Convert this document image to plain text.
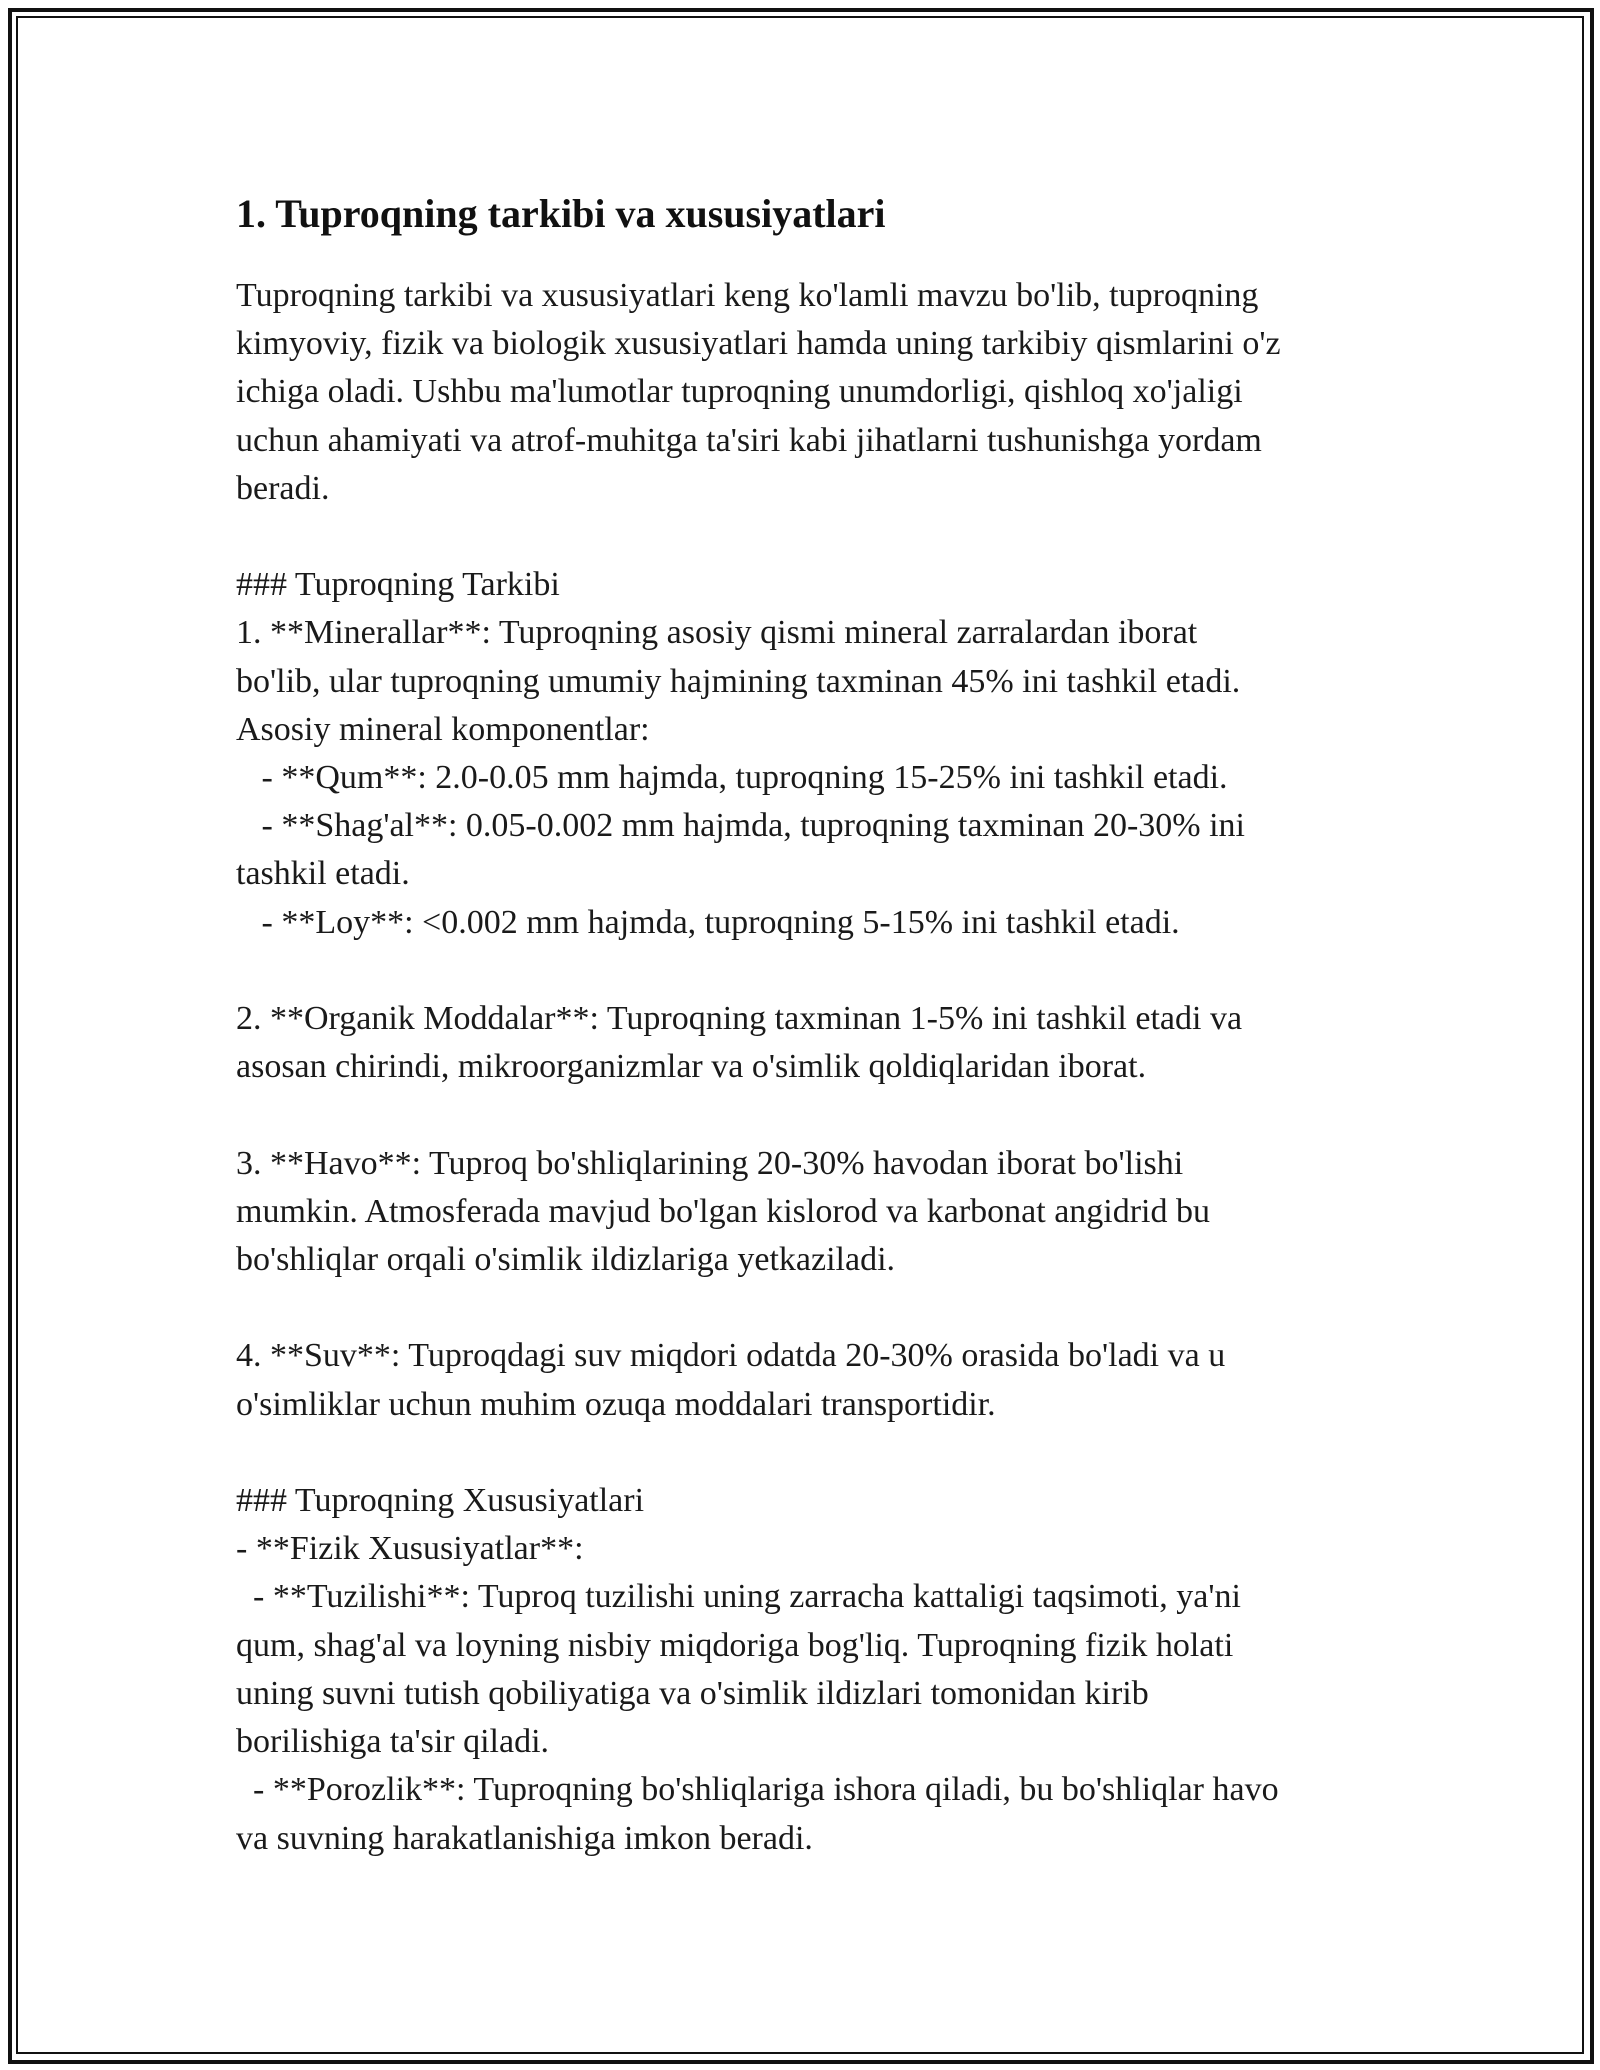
1. Tuproqning tarkibi va xususiyatlari

Tuproqning tarkibi va xususiyatlari keng ko'lamli mavzu bo'lib, tuproqning
kimyoviy, fizik va biologik xususiyatlari hamda uning tarkibiy qismlarini o'z
ichiga oladi. Ushbu ma'lumotlar tuproqning unumdorligi, qishloq xo'jaligi
uchun ahamiyati va atrof-muhitga ta'siri kabi jihatlarni tushunishga yordam
beradi.

### Tuproqning Tarkibi
1. **Minerallar**: Tuproqning asosiy qismi mineral zarralardan iborat
bo'lib, ular tuproqning umumiy hajmining taxminan 45% ini tashkil etadi.
Asosiy mineral komponentlar:
- **Qum**: 2.0-0.05 mm hajmda, tuproqning 15-25% ini tashkil etadi.
- **Shag'al**: 0.05-0.002 mm hajmda, tuproqning taxminan 20-30% ini
tashkil etadi.
- **Loy**: <0.002 mm hajmda, tuproqning 5-15% ini tashkil etadi.

2. **Organik Moddalar**: Tuproqning taxminan 1-5% ini tashkil etadi va
asosan chirindi, mikroorganizmlar va o'simlik qoldiqlaridan iborat.

3. **Havo**: Tuproq bo'shliqlarining 20-30% havodan iborat bo'lishi
mumkin. Atmosferada mavjud bo'lgan kislorod va karbonat angidrid bu
bo'shliqlar orqali o'simlik ildizlariga yetkaziladi.

4. **Suv**: Tuproqdagi suv miqdori odatda 20-30% orasida bo'ladi va u
o'simliklar uchun muhim ozuqa moddalari transportidir.

### Tuproqning Xususiyatlari
- **Fizik Xususiyatlar**:
- **Tuzilishi**: Tuproq tuzilishi uning zarracha kattaligi taqsimoti, ya'ni
qum, shag'al va loyning nisbiy miqdoriga bog'liq. Tuproqning fizik holati
uning suvni tutish qobiliyatiga va o'simlik ildizlari tomonidan kirib
borilishiga ta'sir qiladi.
- **Porozlik**: Tuproqning bo'shliqlariga ishora qiladi, bu bo'shliqlar havo
va suvning harakatlanishiga imkon beradi.
